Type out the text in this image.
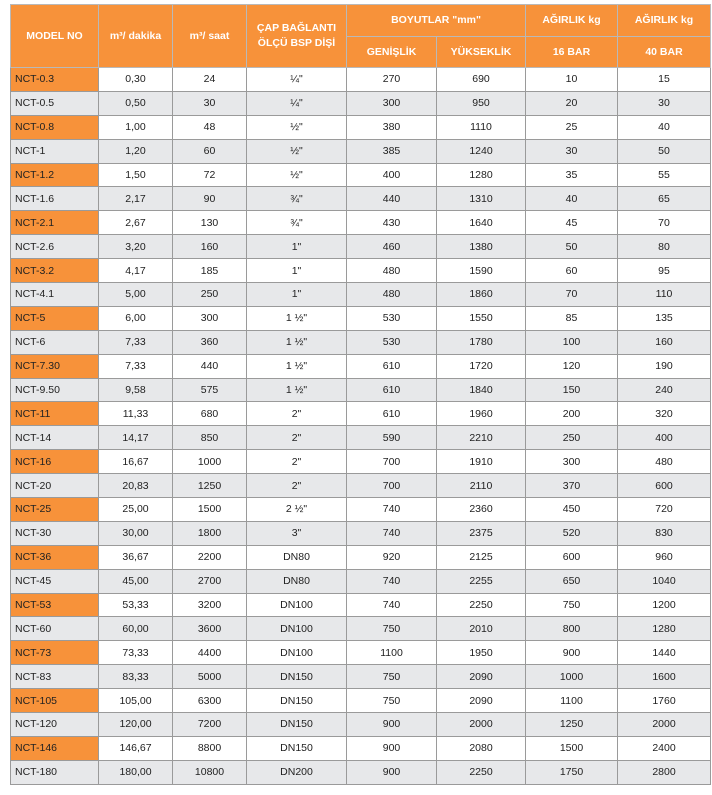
MODEL NO	m³/ dakika	m³/ saat	ÇAP BAĞLANTI ÖLÇÜ BSP DİŞİ	BOYUTLAR "mm"		AĞIRLIK kg	AĞIRLIK kg
				GENİŞLİK	YÜKSEKLİK	16 BAR	40 BAR
NCT-0.3	0,30	24	¼"	270	690	10	15
NCT-0.5	0,50	30	¼"	300	950	20	30
NCT-0.8	1,00	48	½"	380	1110	25	40
NCT-1	1,20	60	½"	385	1240	30	50
NCT-1.2	1,50	72	½"	400	1280	35	55
NCT-1.6	2,17	90	¾"	440	1310	40	65
NCT-2.1	2,67	130	¾"	430	1640	45	70
NCT-2.6	3,20	160	1"	460	1380	50	80
NCT-3.2	4,17	185	1"	480	1590	60	95
NCT-4.1	5,00	250	1"	480	1860	70	110
NCT-5	6,00	300	1 ½"	530	1550	85	135
NCT-6	7,33	360	1 ½"	530	1780	100	160
NCT-7.30	7,33	440	1 ½"	610	1720	120	190
NCT-9.50	9,58	575	1 ½"	610	1840	150	240
NCT-11	11,33	680	2"	610	1960	200	320
NCT-14	14,17	850	2"	590	2210	250	400
NCT-16	16,67	1000	2"	700	1910	300	480
NCT-20	20,83	1250	2"	700	2110	370	600
NCT-25	25,00	1500	2 ½"	740	2360	450	720
NCT-30	30,00	1800	3"	740	2375	520	830
NCT-36	36,67	2200	DN80	920	2125	600	960
NCT-45	45,00	2700	DN80	740	2255	650	1040
NCT-53	53,33	3200	DN100	740	2250	750	1200
NCT-60	60,00	3600	DN100	750	2010	800	1280
NCT-73	73,33	4400	DN100	1100	1950	900	1440
NCT-83	83,33	5000	DN150	750	2090	1000	1600
NCT-105	105,00	6300	DN150	750	2090	1100	1760
NCT-120	120,00	7200	DN150	900	2000	1250	2000
NCT-146	146,67	8800	DN150	900	2080	1500	2400
NCT-180	180,00	10800	DN200	900	2250	1750	2800
